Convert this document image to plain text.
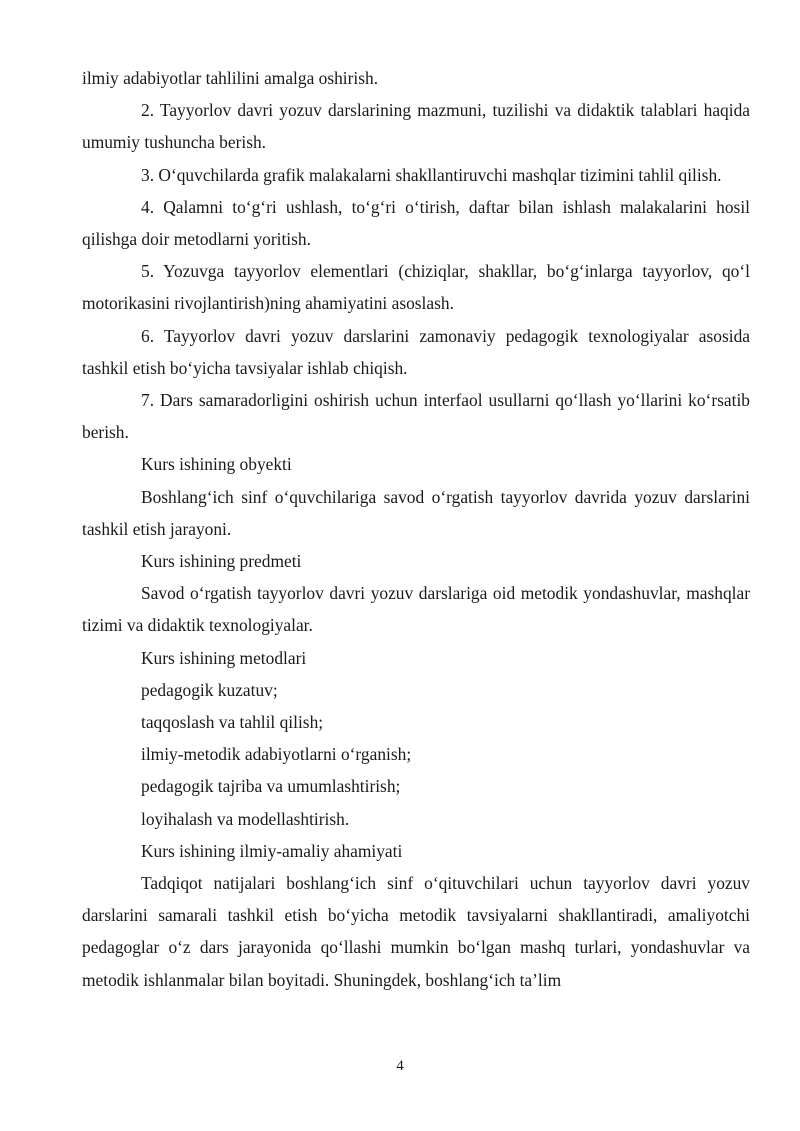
ilmiy adabiyotlar tahlilini amalga oshirish.

2. Tayyorlov davri yozuv darslarining mazmuni, tuzilishi va didaktik talablari haqida umumiy tushuncha berish.

3. O‘quvchilarda grafik malakalarni shakllantiruvchi mashqlar tizimini tahlil qilish.

4. Qalamni to‘g‘ri ushlash, to‘g‘ri o‘tirish, daftar bilan ishlash malakalarini hosil qilishga doir metodlarni yoritish.

5. Yozuvga tayyorlov elementlari (chiziqlar, shakllar, bo‘g‘inlarga tayyorlov, qo‘l motorikasini rivojlantirish)ning ahamiyatini asoslash.

6. Tayyorlov davri yozuv darslarini zamonaviy pedagogik texnologiyalar asosida tashkil etish bo‘yicha tavsiyalar ishlab chiqish.

7. Dars samaradorligini oshirish uchun interfaol usullarni qo‘llash yo‘llarini ko‘rsatib berish.

Kurs ishining obyekti

Boshlang‘ich sinf o‘quvchilariga savod o‘rgatish tayyorlov davrida yozuv darslarini tashkil etish jarayoni.

Kurs ishining predmeti

Savod o‘rgatish tayyorlov davri yozuv darslariga oid metodik yondashuvlar, mashqlar tizimi va didaktik texnologiyalar.

Kurs ishining metodlari

pedagogik kuzatuv;

taqqoslash va tahlil qilish;

ilmiy-metodik adabiyotlarni o‘rganish;

pedagogik tajriba va umumlashtirish;

loyihalash va modellashtirish.

Kurs ishining ilmiy-amaliy ahamiyati

Tadqiqot natijalari boshlang‘ich sinf o‘qituvchilari uchun tayyorlov davri yozuv darslarini samarali tashkil etish bo‘yicha metodik tavsiyalarni shakllantiradi, amaliyotchi pedagoglar o‘z dars jarayonida qo‘llashi mumkin bo‘lgan mashq turlari, yondashuvlar va metodik ishlanmalar bilan boyitadi. Shuningdek, boshlang‘ich ta’lim

4
